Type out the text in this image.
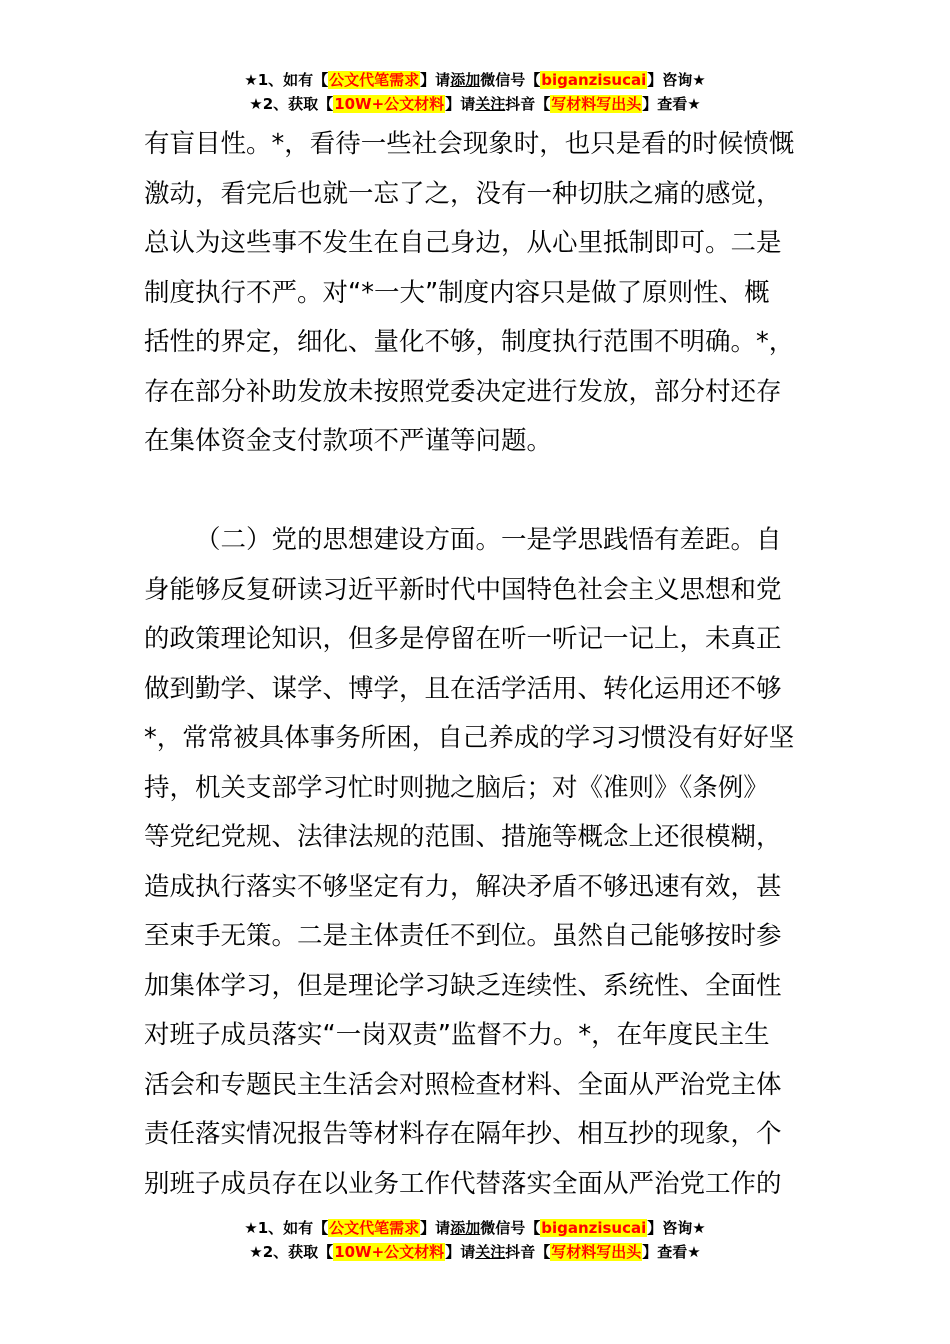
★1、如有【公文代笔需求】请添加微信号【biganzisucai】咨询★
★2、获取【10W+公文材料】请关注抖音【写材料写出头】查看★
有盲目性。*，看待一些社会现象时，也只是看的时候愤慨
激动，看完后也就一忘了之，没有一种切肤之痛的感觉，
总认为这些事不发生在自己身边，从心里抵制即可。二是
制度执行不严。对“*一大”制度内容只是做了原则性、概
括性的界定，细化、量化不够，制度执行范围不明确。*，
存在部分补助发放未按照党委决定进行发放，部分村还存
在集体资金支付款项不严谨等问题。
（二）党的思想建设方面。一是学思践悟有差距。自
身能够反复研读习近平新时代中国特色社会主义思想和党
的政策理论知识，但多是停留在听一听记一记上，未真正
做到勤学、谋学、博学，且在活学活用、转化运用还不够
*，常常被具体事务所困，自己养成的学习习惯没有好好坚
持，机关支部学习忙时则抛之脑后；对《准则》《条例》
等党纪党规、法律法规的范围、措施等概念上还很模糊，
造成执行落实不够坚定有力，解决矛盾不够迅速有效，甚
至束手无策。二是主体责任不到位。虽然自己能够按时参
加集体学习，但是理论学习缺乏连续性、系统性、全面性
对班子成员落实“一岗双责”监督不力。*，在年度民主生
活会和专题民主生活会对照检查材料、全面从严治党主体
责任落实情况报告等材料存在隔年抄、相互抄的现象，个
别班子成员存在以业务工作代替落实全面从严治党工作的
★1、如有【公文代笔需求】请添加微信号【biganzisucai】咨询★
★2、获取【10W+公文材料】请关注抖音【写材料写出头】查看★
